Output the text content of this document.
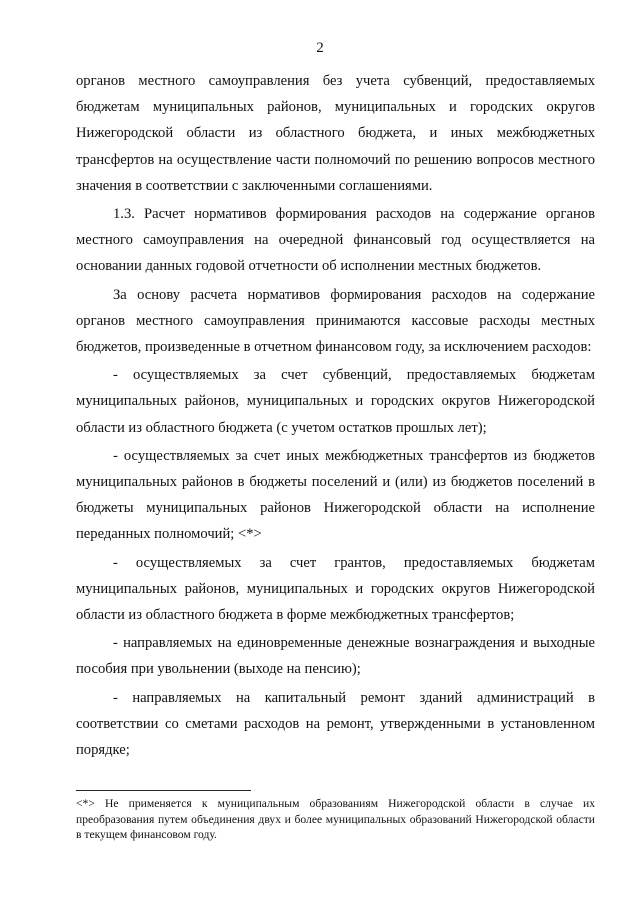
2

органов местного самоуправления без учета субвенций, предоставляемых бюджетам муниципальных районов, муниципальных и городских округов Нижегородской области из областного бюджета, и иных межбюджетных трансфертов на осуществление части полномочий по решению вопросов местного значения в соответствии с заключенными соглашениями.

1.3. Расчет нормативов формирования расходов на содержание органов местного самоуправления на очередной финансовый год осуществляется на основании данных годовой отчетности об исполнении местных бюджетов.

За основу расчета нормативов формирования расходов на содержание органов местного самоуправления принимаются кассовые расходы местных бюджетов, произведенные в отчетном финансовом году, за исключением расходов:

- осуществляемых за счет субвенций, предоставляемых бюджетам муниципальных районов, муниципальных и городских округов Нижегородской области из областного бюджета (с учетом остатков прошлых лет);

- осуществляемых за счет иных межбюджетных трансфертов из бюджетов муниципальных районов в бюджеты поселений и (или) из бюджетов поселений в бюджеты муниципальных районов Нижегородской области на исполнение переданных полномочий; <*>

- осуществляемых за счет грантов, предоставляемых бюджетам муниципальных районов, муниципальных и городских округов Нижегородской области из областного бюджета в форме межбюджетных трансфертов;

- направляемых на единовременные денежные вознаграждения и выходные пособия при увольнении (выходе на пенсию);

- направляемых на капитальный ремонт зданий администраций в соответствии со сметами расходов на ремонт, утвержденными в установленном порядке;

<*> Не применяется к муниципальным образованиям Нижегородской области в случае их преобразования путем объединения двух и более муниципальных образований Нижегородской области в текущем финансовом году.
